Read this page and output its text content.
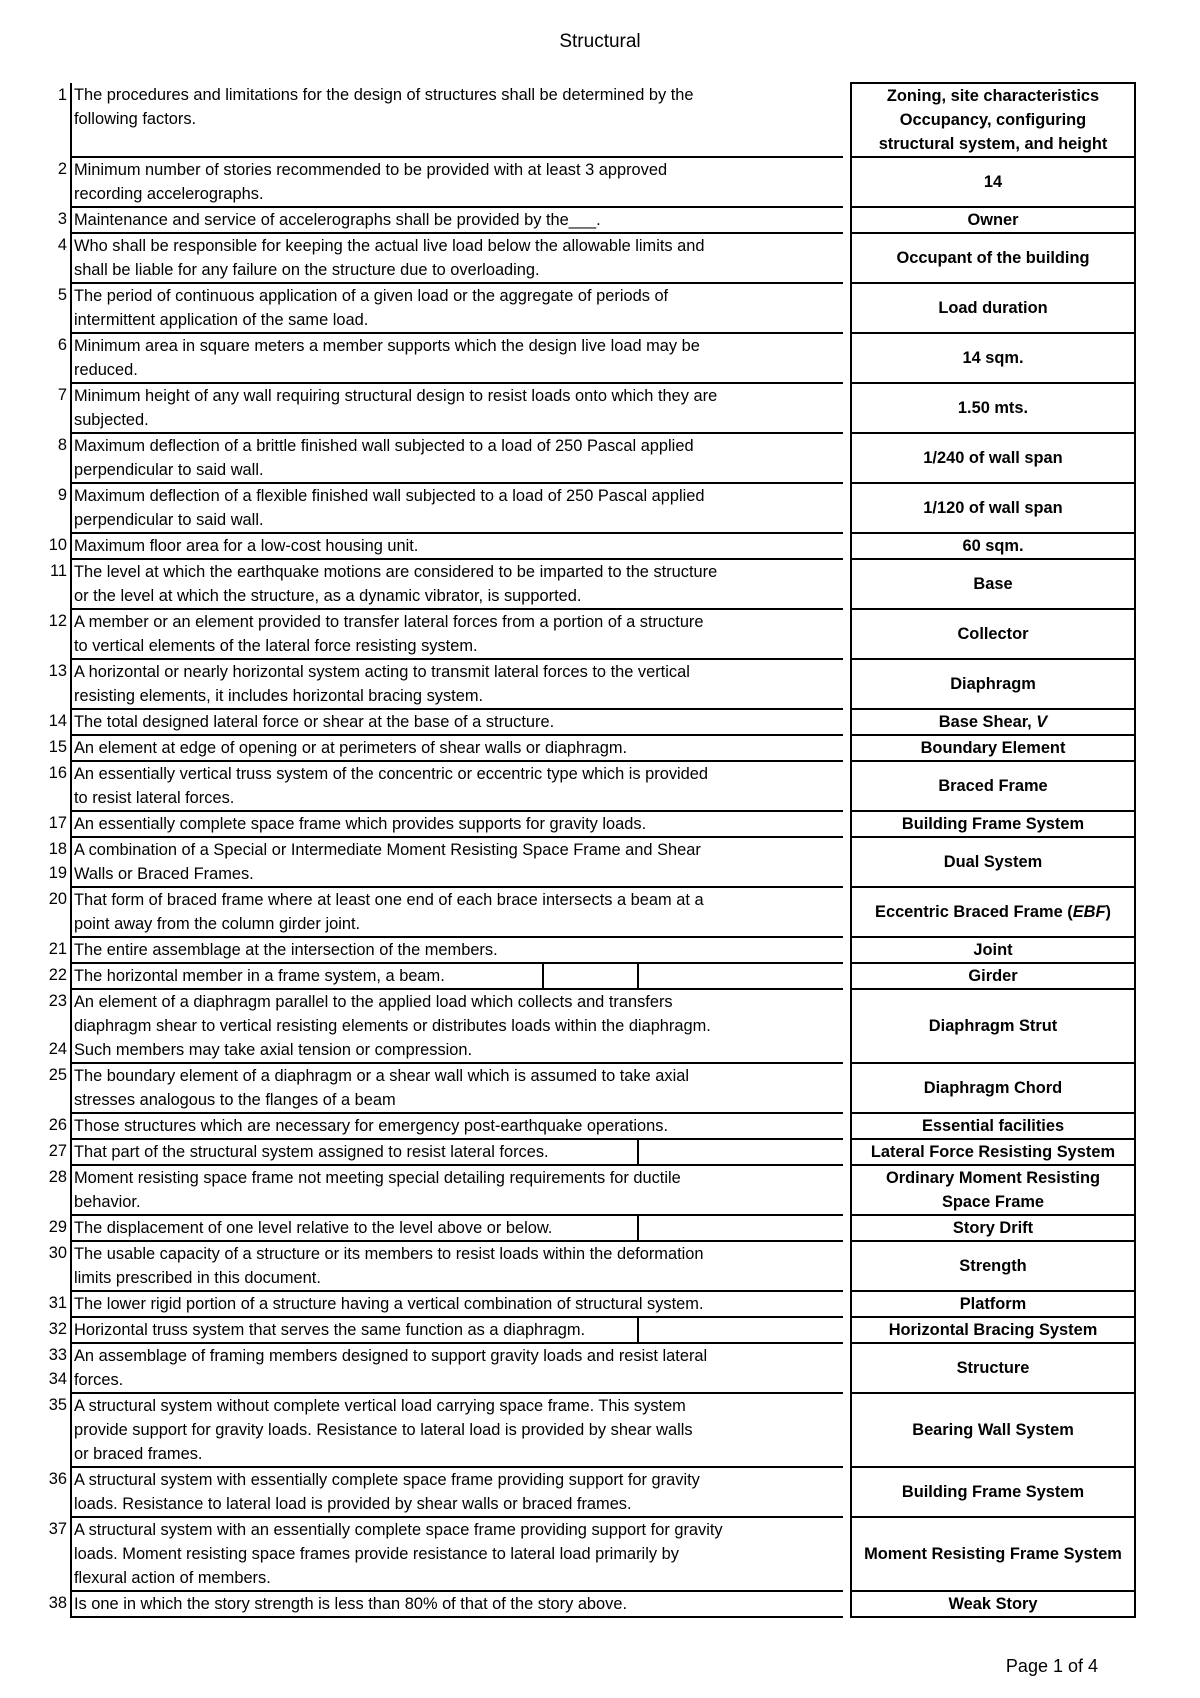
Structural
1	The procedures and limitations for the design of structures shall be determined by the
following factors.		Zoning, site characteristics
Occupancy, configuring
structural system, and height

2	Minimum number of stories recommended to be provided with at least 3 approved
recording accelerographs.		14

3	Maintenance and service of accelerographs shall be provided by the___.		Owner

4	Who shall be responsible for keeping the actual live load below the allowable limits and
shall be liable for any failure on the structure due to overloading.		Occupant of the building

5	The period of continuous application of a given load or the aggregate of periods of
intermittent application of the same load.		Load duration

6	Minimum area in square meters a member supports which the design live load may be
reduced.		14 sqm.

7	Minimum height of any wall requiring structural design to resist loads onto which they are
subjected.		1.50 mts.

8	Maximum deflection of a brittle finished wall subjected to a load of 250 Pascal applied
perpendicular to said wall.		1/240 of wall span

9	Maximum deflection of a flexible finished wall subjected to a load of 250 Pascal applied
perpendicular to said wall.		1/120 of wall span

10	Maximum floor area for a low-cost housing unit.		60 sqm.

11	The level at which the earthquake motions are considered to be imparted to the structure
or the level at which the structure, as a dynamic vibrator, is supported.		Base

12	A member or an element provided to transfer lateral forces from a portion of a structure
to vertical elements of the lateral force resisting system.		Collector

13	A horizontal or nearly horizontal system acting to transmit lateral forces to the vertical
resisting elements, it includes horizontal bracing system.		Diaphragm

14	The total designed lateral force or shear at the base of a structure.		Base Shear, V

15	An element at edge of opening or at perimeters of shear walls or diaphragm.		Boundary Element

16	An essentially vertical truss system of the concentric or eccentric type which is provided
to resist lateral forces.		Braced Frame

17	An essentially complete space frame which provides supports for gravity loads.		Building Frame System

18
19	A combination of a Special or Intermediate Moment Resisting Space Frame and Shear
Walls or Braced Frames.		Dual System

20	That form of braced frame where at least one end of each brace intersects a beam at a
point away from the column girder joint.		Eccentric Braced Frame (EBF)

21	The entire assemblage at the intersection of the members.		Joint

22	The horizontal member in a frame system, a beam.		Girder

23

24	An element of a diaphragm parallel to the applied load which collects and transfers
diaphragm shear to vertical resisting elements or distributes loads within the diaphragm.
Such members may take axial tension or compression.		Diaphragm Strut

25	The boundary element of a diaphragm or a shear wall which is assumed to take axial
stresses analogous to the flanges of a beam		Diaphragm Chord

26	Those structures which are necessary for emergency post-earthquake operations.		Essential facilities

27	That part of the structural system assigned to resist lateral forces.		Lateral Force Resisting System

28	Moment resisting space frame not meeting special detailing requirements for ductile
behavior.		Ordinary Moment Resisting
Space Frame

29	The displacement of one level relative to the level above or below.		Story Drift

30	The usable capacity of a structure or its members to resist loads within the deformation
limits prescribed in this document.		Strength

31	The lower rigid portion of a structure having a vertical combination of structural system.		Platform

32	Horizontal truss system that serves the same function as a diaphragm.		Horizontal Bracing System

33
34	An assemblage of framing members designed to support gravity loads and resist lateral
forces.		Structure

35	A structural system without complete vertical load carrying space frame. This system
provide support for gravity loads. Resistance to lateral load is provided by shear walls
or braced frames.		Bearing Wall System

36	A structural system with essentially complete space frame providing support for gravity
loads. Resistance to lateral load is provided by shear walls or braced frames.		Building Frame System

37	A structural system with an essentially complete space frame providing support for gravity
loads. Moment resisting space frames provide resistance to lateral load primarily by
flexural action of members.		Moment Resisting Frame System

38	Is one in which the story strength is less than 80% of that of the story above.		Weak Story
Page 1 of 4
